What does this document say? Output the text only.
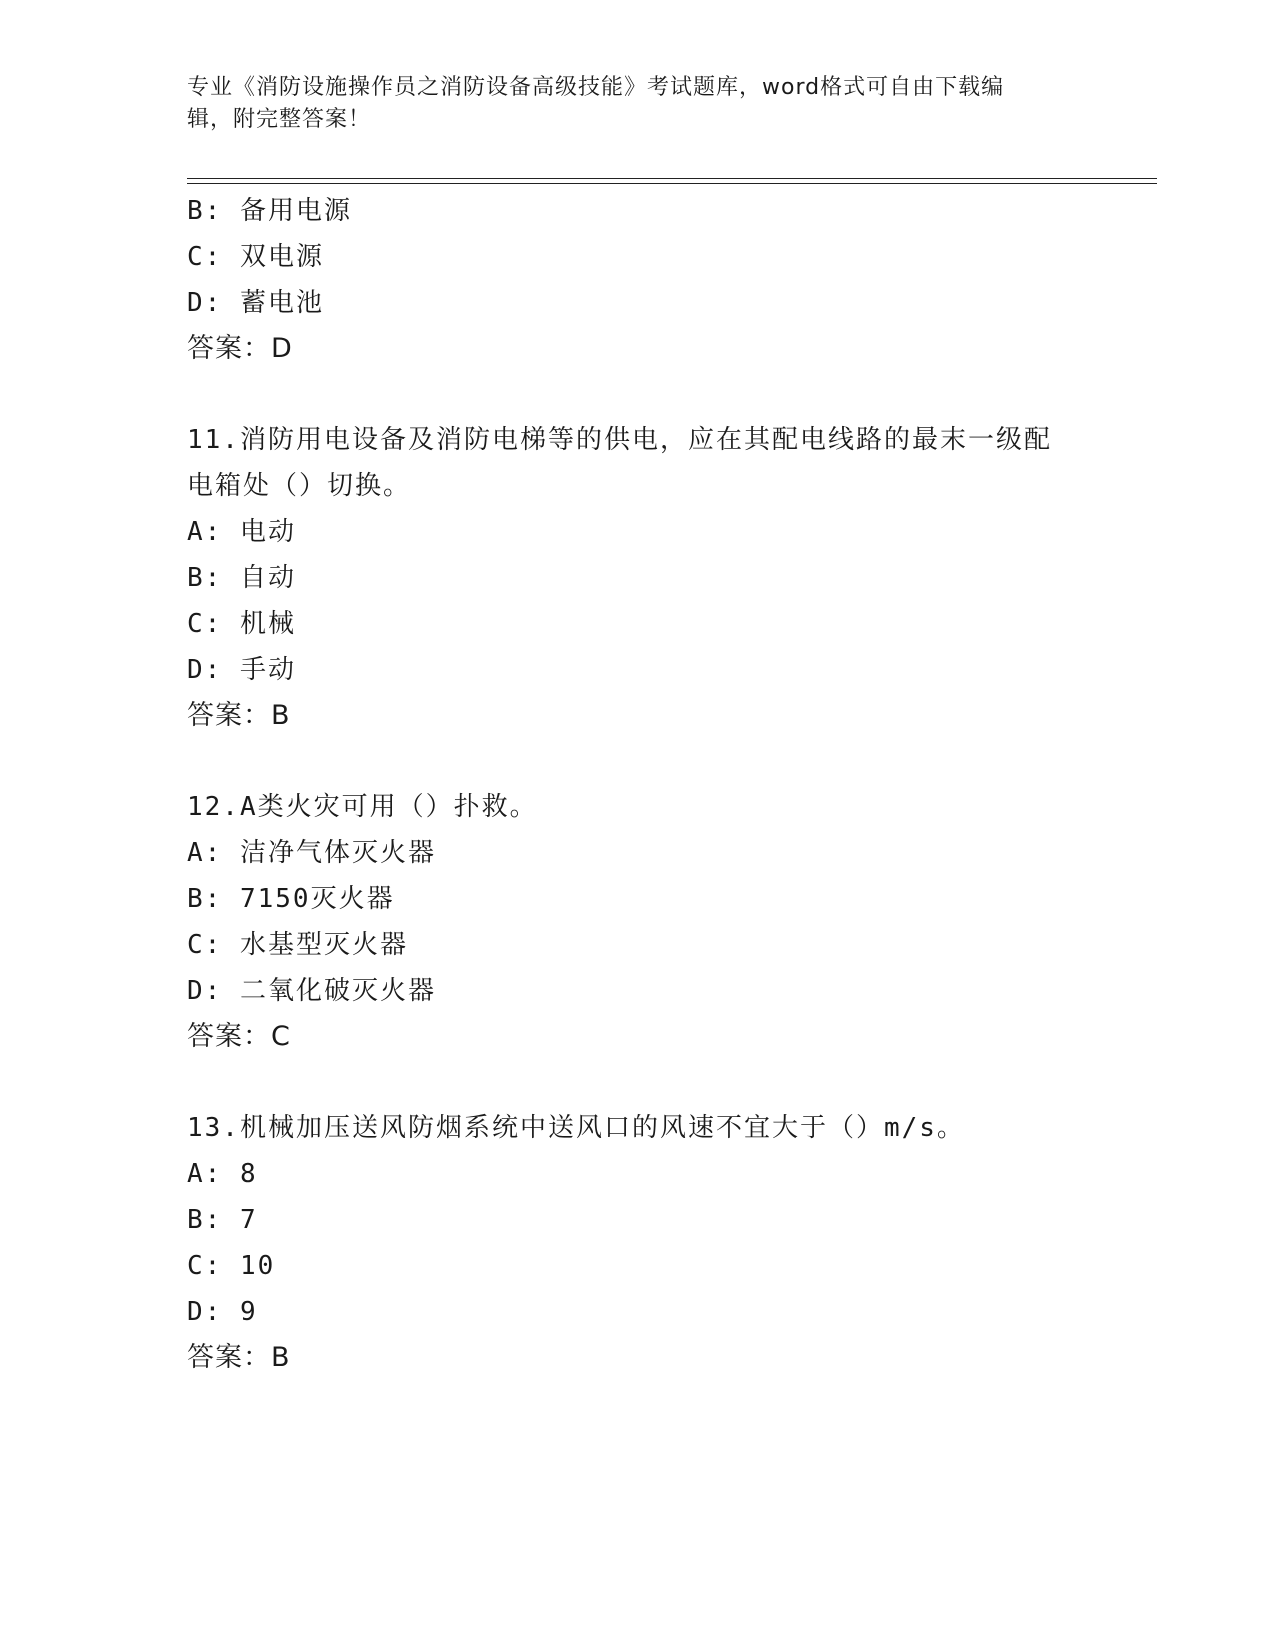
专业《消防设施操作员之消防设备高级技能》考试题库，word格式可自由下载编
辑，附完整答案！
B: 备用电源
C: 双电源
D: 蓄电池
答案：D
11.消防用电设备及消防电梯等的供电，应在其配电线路的最末一级配
电箱处（）切换。
A: 电动
B: 自动
C: 机械
D: 手动
答案：B
12.A类火灾可用（）扑救。
A: 洁净气体灭火器
B: 7150灭火器
C: 水基型灭火器
D: 二氧化破灭火器
答案：C
13.机械加压送风防烟系统中送风口的风速不宜大于（）m/s。
A: 8
B: 7
C: 10
D: 9
答案：B
